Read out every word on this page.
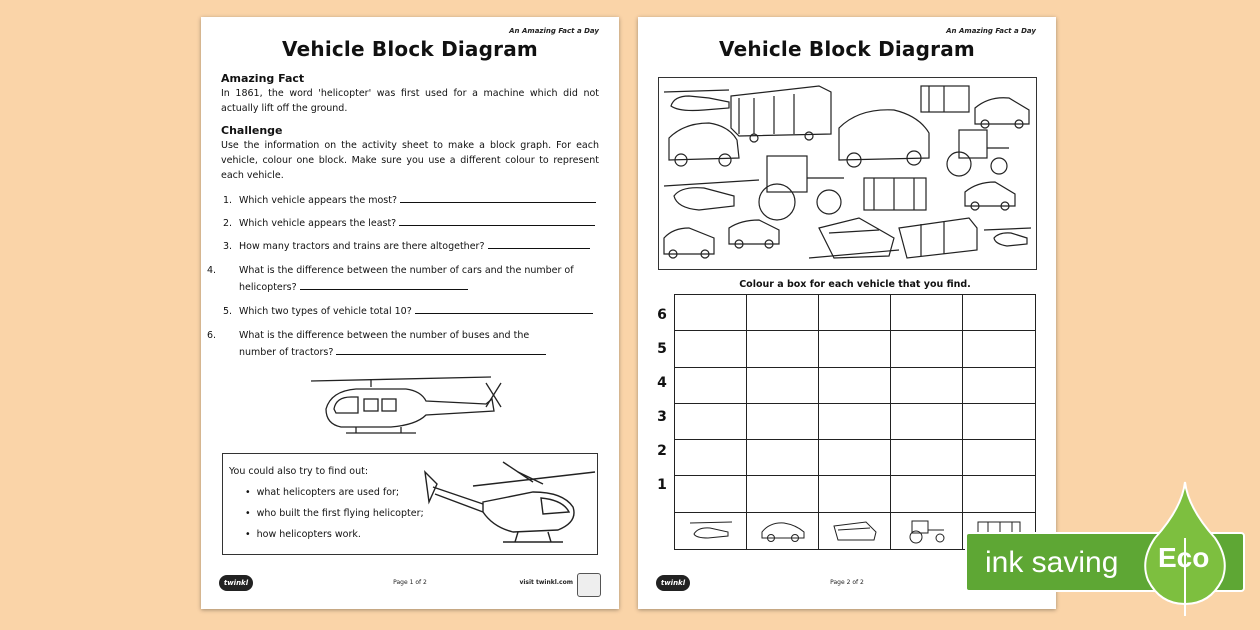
An Amazing Fact a Day
Vehicle Block Diagram
Amazing Fact
In 1861, the word 'helicopter' was first used for a machine which did not actually lift off the ground.
Challenge
Use the information on the activity sheet to make a block graph. For each vehicle, colour one block. Make sure you use a different colour to represent each vehicle.
1. Which vehicle appears the most?
2. Which vehicle appears the least?
3. How many tractors and trains are there altogether?
4. What is the difference between the number of cars and the number of helicopters?
5. Which two types of vehicle total 10?
6. What is the difference between the number of buses and the number of tractors?
You could also try to find out:
• what helicopters are used for;
• who built the first flying helicopter;
• how helicopters work.
twinkl	Page 1 of 2	visit twinkl.com
An Amazing Fact a Day
Vehicle Block Diagram
Colour a box for each vehicle that you find.
6
5
4
3
2
1
twinkl	Page 2 of 2
ink saving Eco
